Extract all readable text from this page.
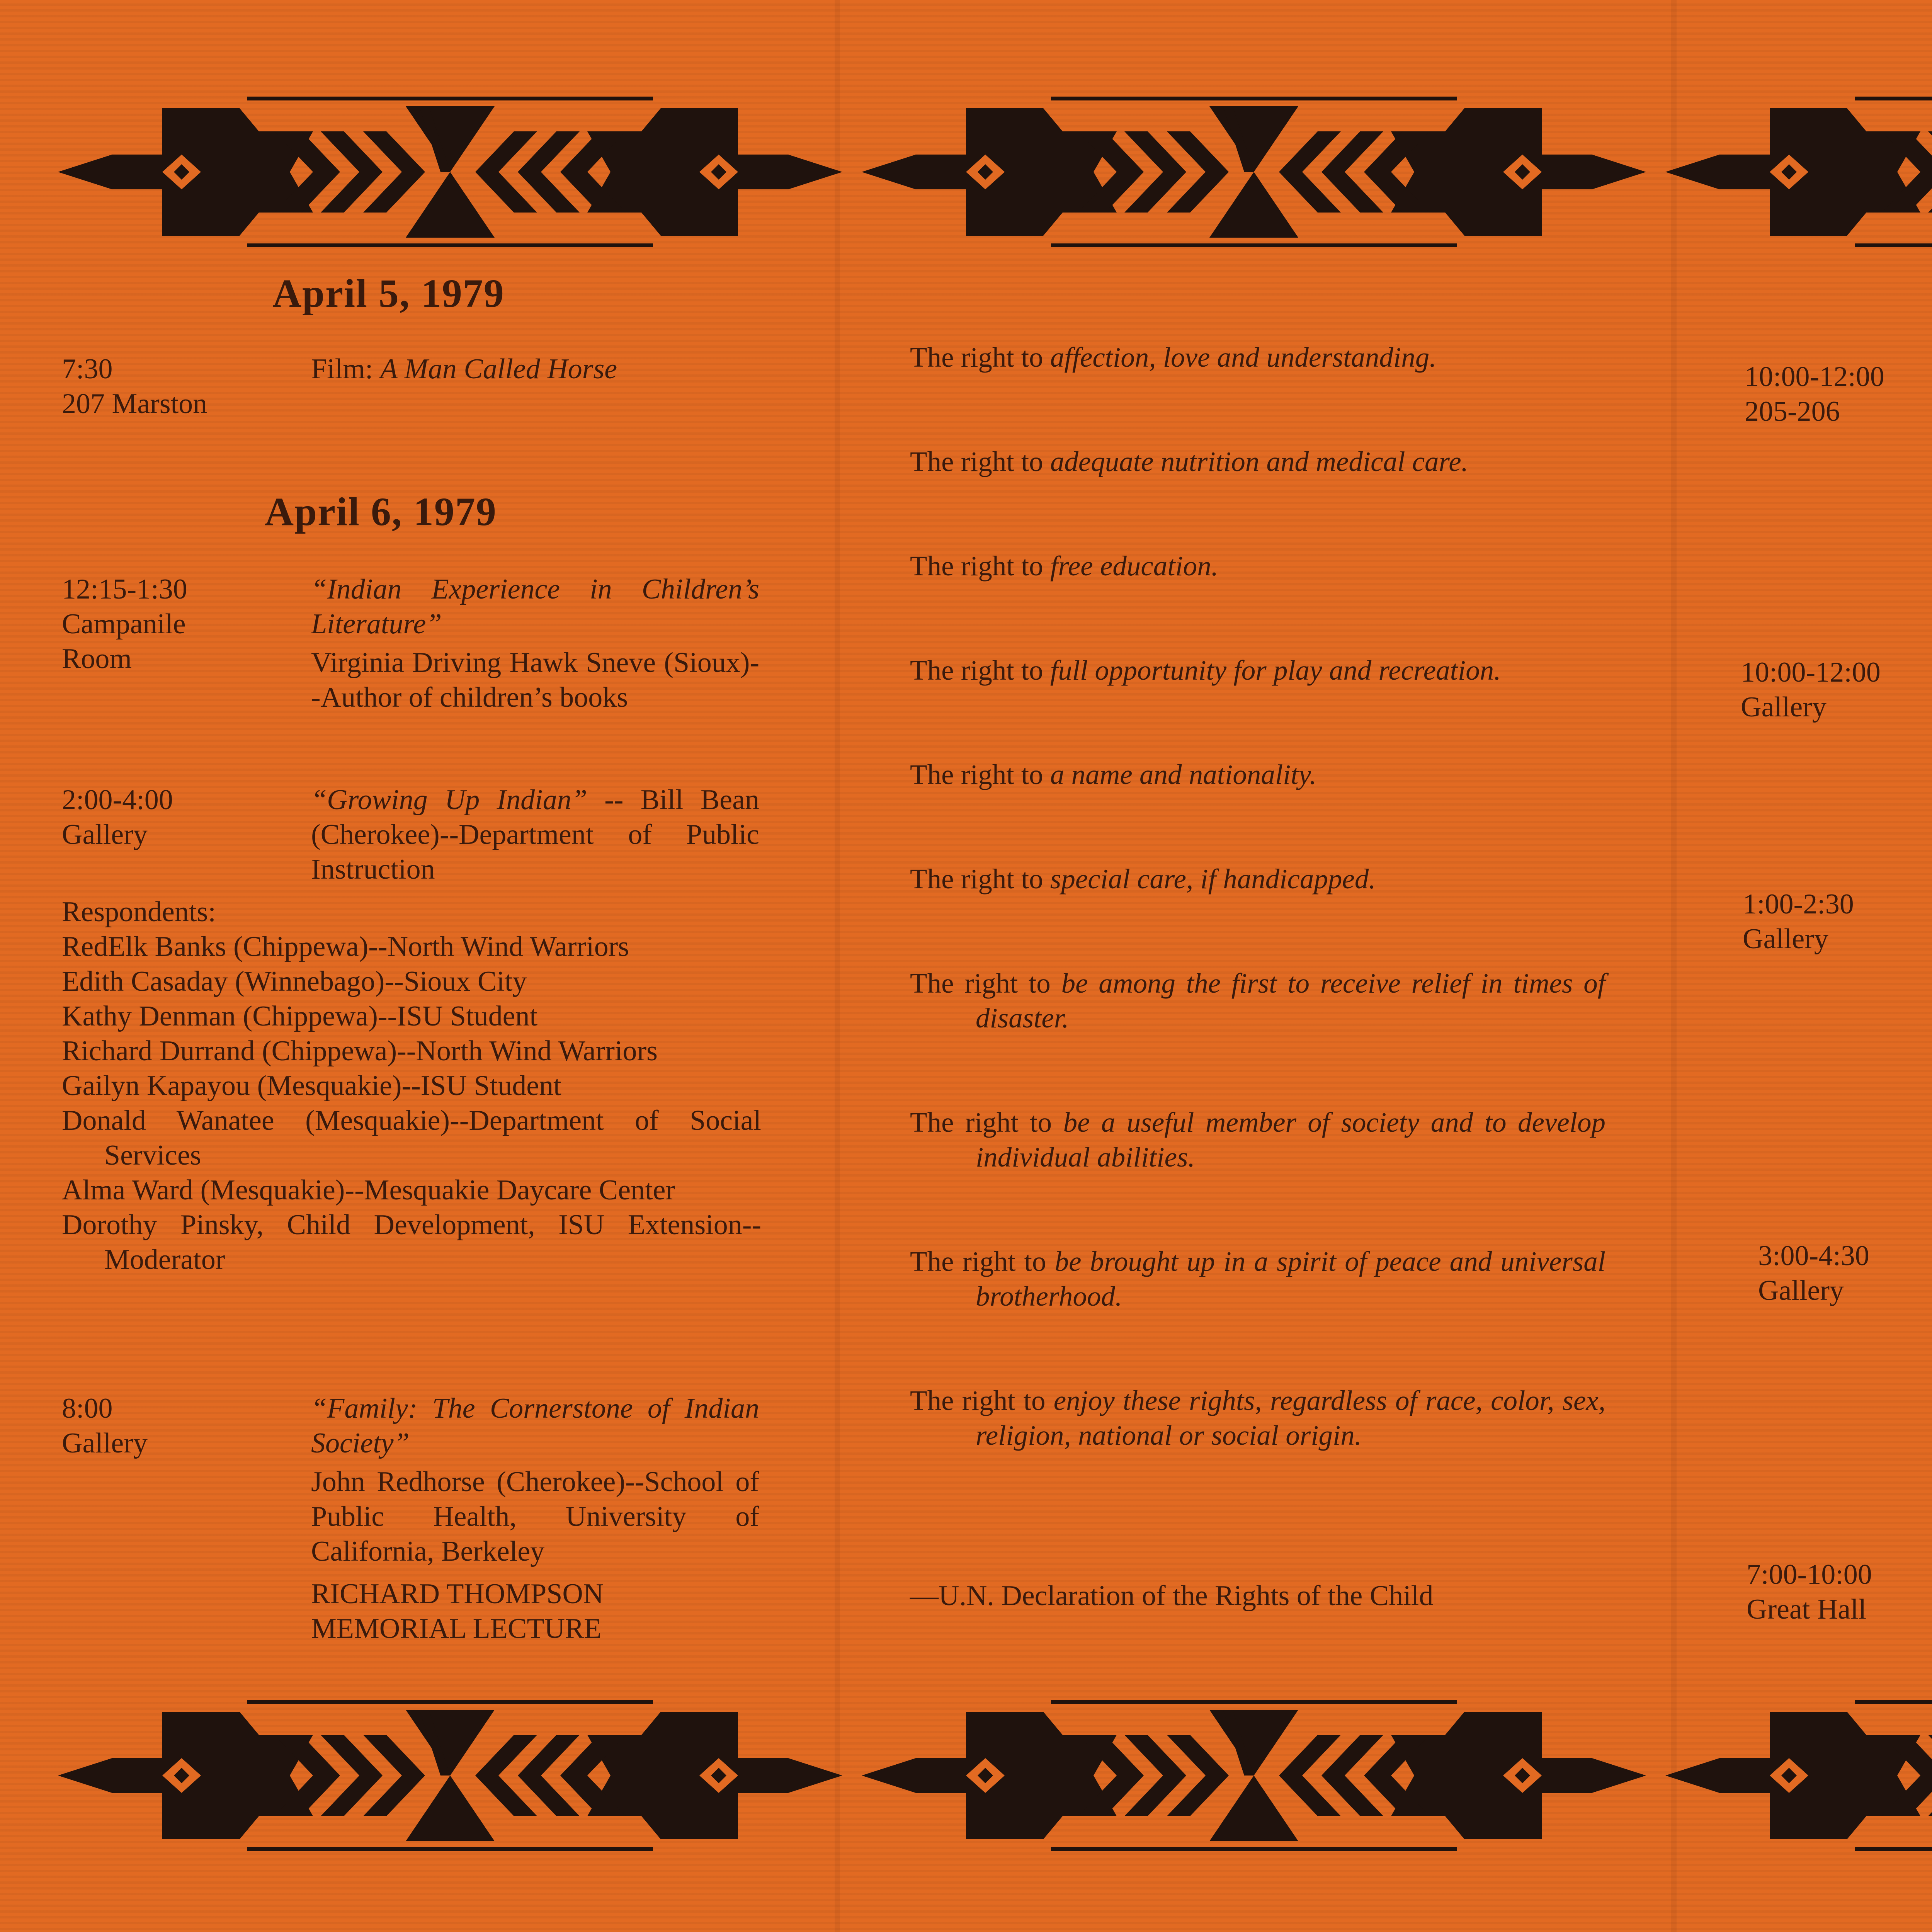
April 5, 1979
7:30
207 Marston
Film: A Man Called Horse
April 6, 1979
12:15-1:30
Campanile
Room
“Indian Experience in Children’s Literature”
Virginia Driving Hawk Sneve (Sioux)--Author of children’s books
2:00-4:00
Gallery
“Growing Up Indian” -- Bill Bean (Cherokee)--Department of Public Instruction
Respondents:
RedElk Banks (Chippewa)--North Wind Warriors
Edith Casaday (Winnebago)--Sioux City
Kathy Denman (Chippewa)--ISU Student
Richard Durrand (Chippewa)--North Wind Warriors
Gailyn Kapayou (Mesquakie)--ISU Student
Donald Wanatee (Mesquakie)--Department of Social Services
Alma Ward (Mesquakie)--Mesquakie Daycare Center
Dorothy Pinsky, Child Development, ISU Extension--Moderator
8:00
Gallery
“Family: The Cornerstone of Indian Society”
John Redhorse (Cherokee)--School of Public Health, University of California, Berkeley
RICHARD THOMPSON
MEMORIAL LECTURE
The right to affection, love and understanding.
The right to adequate nutrition and medical care.
The right to free education.
The right to full opportunity for play and recreation.
The right to a name and nationality.
The right to special care, if handicapped.
The right to be among the first to receive relief in times of disaster.
The right to be a useful member of society and to develop individual abilities.
The right to be brought up in a spirit of peace and universal brotherhood.
The right to enjoy these rights, regardless of race, color, sex, religion, national or social origin.
—U.N. Declaration of the Rights of the Child
10:00-12:00
205-206
10:00-12:00
Gallery
1:00-2:30
Gallery
3:00-4:30
Gallery
7:00-10:00
Great Hall
